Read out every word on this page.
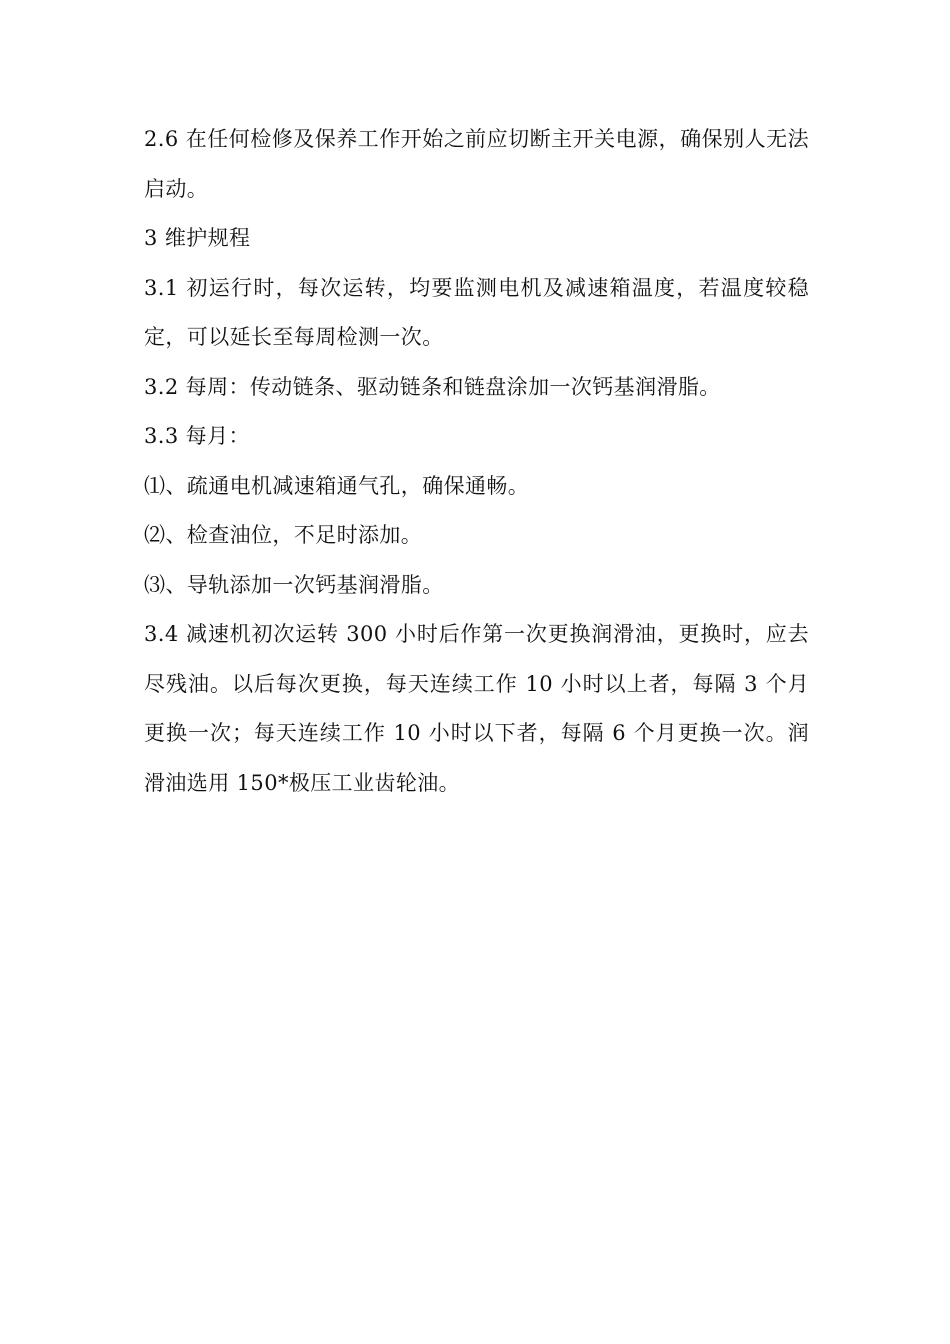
2.6 在任何检修及保养工作开始之前应切断主开关电源，确保别人无法启动。

3 维护规程

3.1 初运行时，每次运转，均要监测电机及减速箱温度，若温度较稳定，可以延长至每周检测一次。

3.2 每周：传动链条、驱动链条和链盘涂加一次钙基润滑脂。

3.3 每月：

⑴、疏通电机减速箱通气孔，确保通畅。

⑵、检查油位，不足时添加。

⑶、导轨添加一次钙基润滑脂。

3.4 减速机初次运转 300 小时后作第一次更换润滑油，更换时，应去尽残油。以后每次更换，每天连续工作 10 小时以上者，每隔 3 个月更换一次；每天连续工作 10 小时以下者，每隔 6 个月更换一次。润滑油选用 150*极压工业齿轮油。
